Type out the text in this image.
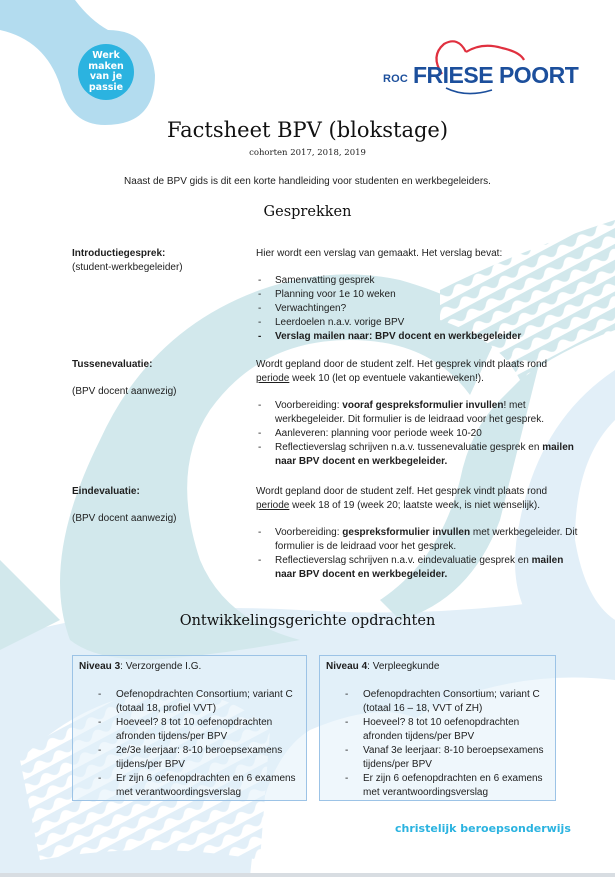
Werk
maken
van je
passie
ROC FRIESE POORT
Factsheet BPV (blokstage)
cohorten 2017, 2018, 2019
Naast de BPV gids is dit een korte handleiding voor studenten en werkbegeleiders.
Gesprekken
Introductiegesprek:
(student-werkbegeleider)
Hier wordt een verslag van gemaakt. Het verslag bevat:
- Samenvatting gesprek
- Planning voor 1e 10 weken
- Verwachtingen?
- Leerdoelen n.a.v. vorige BPV
- Verslag mailen naar: BPV docent en werkbegeleider
Tussenevaluatie:
(BPV docent aanwezig)
Wordt gepland door de student zelf. Het gesprek vindt plaats rond
periode week 10 (let op eventuele vakantieweken!).
- Voorbereiding: vooraf gespreksformulier invullen! met werkbegeleider. Dit formulier is de leidraad voor het gesprek.
- Aanleveren: planning voor periode week 10-20
- Reflectieverslag schrijven n.a.v. tussenevaluatie gesprek en mailen naar BPV docent en werkbegeleider.
Eindevaluatie:
(BPV docent aanwezig)
Wordt gepland door de student zelf. Het gesprek vindt plaats rond
periode week 18 of 19 (week 20; laatste week, is niet wenselijk).
- Voorbereiding: gespreksformulier invullen met werkbegeleider. Dit formulier is de leidraad voor het gesprek.
- Reflectieverslag schrijven n.a.v. eindevaluatie gesprek en mailen naar BPV docent en werkbegeleider.
Ontwikkelingsgerichte opdrachten
Niveau 3: Verzorgende I.G.
- Oefenopdrachten Consortium; variant C (totaal 18, profiel VVT)
- Hoeveel? 8 tot 10 oefenopdrachten afronden tijdens/per BPV
- 2e/3e leerjaar: 8-10 beroepsexamens tijdens/per BPV
- Er zijn 6 oefenopdrachten en 6 examens met verantwoordingsverslag
Niveau 4: Verpleegkunde
- Oefenopdrachten Consortium; variant C (totaal 16 – 18, VVT of ZH)
- Hoeveel? 8 tot 10 oefenopdrachten afronden tijdens/per BPV
- Vanaf 3e leerjaar: 8-10 beroepsexamens tijdens/per BPV
- Er zijn 6 oefenopdrachten en 6 examens met verantwoordingsverslag
christelijk beroepsonderwijs
